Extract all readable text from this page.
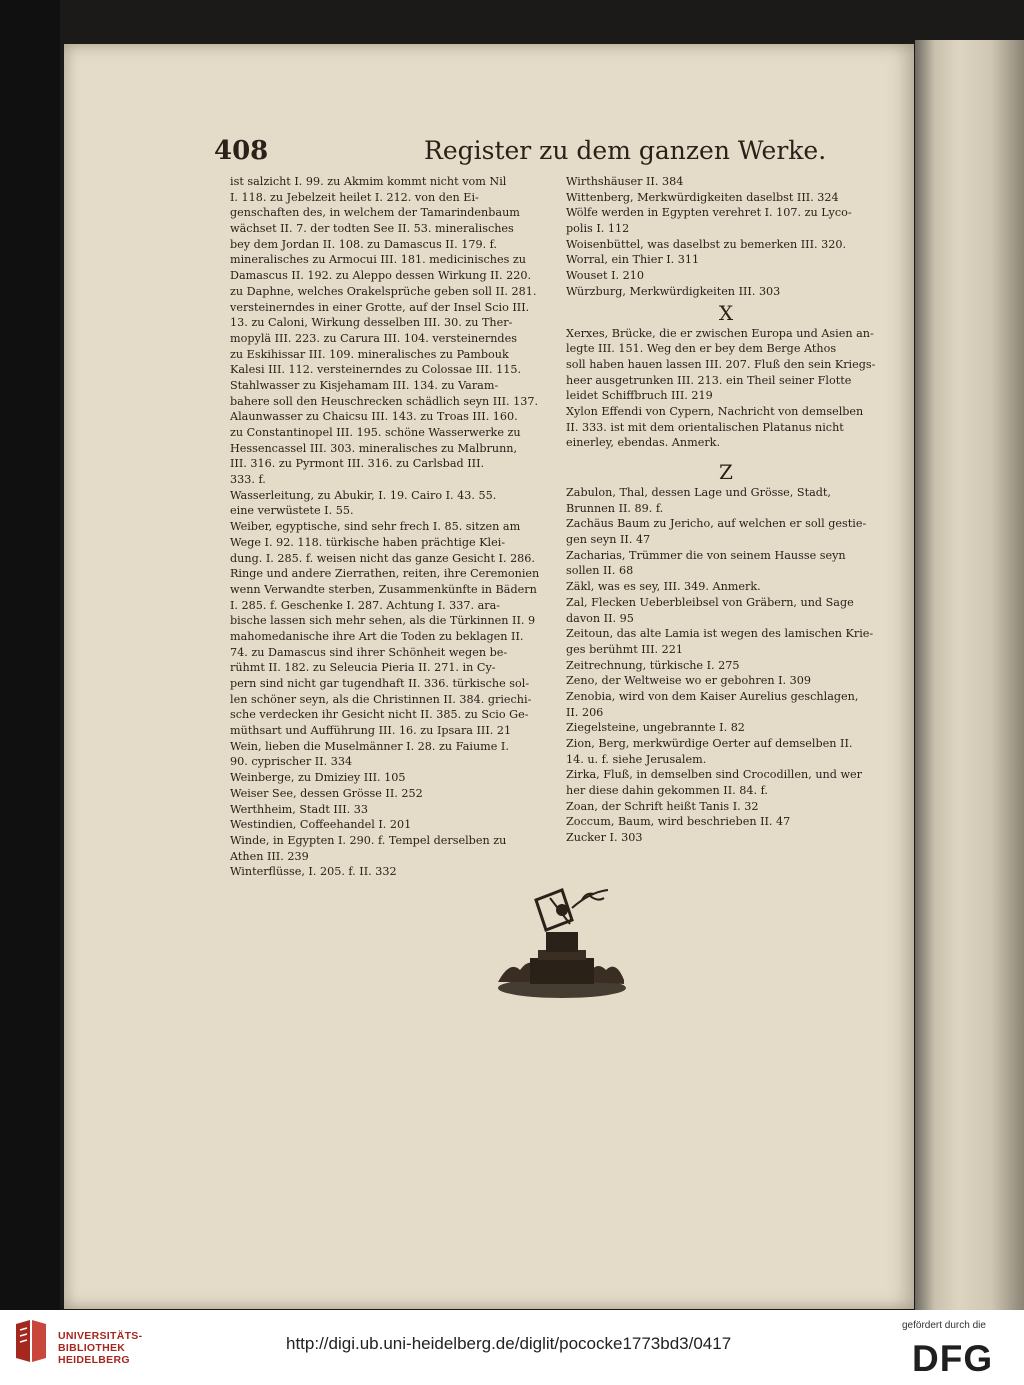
408	Register zu dem ganzen Werke.
ist salzicht I. 99. zu Akmim kommt nicht vom Nil
I. 118. zu Jebelzeit heilet I. 212. von den Ei-
genschaften des, in welchem der Tamarindenbaum
wächset II. 7. der todten See II. 53. mineralisches
bey dem Jordan II. 108. zu Damascus II. 179. f.
mineralisches zu Armocui III. 181. medicinisches zu
Damascus II. 192. zu Aleppo dessen Wirkung II. 220.
zu Daphne, welches Orakelsprüche geben soll II. 281.
versteinerndes in einer Grotte, auf der Insel Scio III.
13. zu Caloni, Wirkung desselben III. 30. zu Ther-
mopylä III. 223. zu Carura III. 104. versteinerndes
zu Eskihissar III. 109. mineralisches zu Pambouk
Kalesi III. 112. versteinerndes zu Colossae III. 115.
Stahlwasser zu Kisjehamam III. 134. zu Varam-
bahere soll den Heuschrecken schädlich seyn III. 137.
Alaunwasser zu Chaicsu III. 143. zu Troas III. 160.
zu Constantinopel III. 195. schöne Wasserwerke zu
Hessencassel III. 303. mineralisches zu Malbrunn,
III. 316. zu Pyrmont III. 316. zu Carlsbad III.
333. f.
Wasserleitung, zu Abukir, I. 19. Cairo I. 43. 55.
eine verwüstete I. 55.
Weiber, egyptische, sind sehr frech I. 85. sitzen am
Wege I. 92. 118. türkische haben prächtige Klei-
dung. I. 285. f. weisen nicht das ganze Gesicht I. 286.
Ringe und andere Zierrathen, reiten, ihre Ceremonien
wenn Verwandte sterben, Zusammenkünfte in Bädern
I. 285. f. Geschenke I. 287. Achtung I. 337. ara-
bische lassen sich mehr sehen, als die Türkinnen II. 9
mahomedanische ihre Art die Toden zu beklagen II.
74. zu Damascus sind ihrer Schönheit wegen be-
rühmt II. 182. zu Seleucia Pieria II. 271. in Cy-
pern sind nicht gar tugendhaft II. 336. türkische sol-
len schöner seyn, als die Christinnen II. 384. griechi-
sche verdecken ihr Gesicht nicht II. 385. zu Scio Ge-
müthsart und Aufführung III. 16. zu Ipsara III. 21
Wein, lieben die Muselmänner I. 28. zu Faiume I.
90. cyprischer II. 334
Weinberge, zu Dmiziey III. 105
Weiser See, dessen Grösse II. 252
Werthheim, Stadt III. 33
Westindien, Coffeehandel I. 201
Winde, in Egypten I. 290. f. Tempel derselben zu
Athen III. 239
Winterflüsse, I. 205. f. II. 332
Wirthshäuser II. 384
Wittenberg, Merkwürdigkeiten daselbst III. 324
Wölfe werden in Egypten verehret I. 107. zu Lyco-
polis I. 112
Woisenbüttel, was daselbst zu bemerken III. 320.
Worral, ein Thier I. 311
Wouset I. 210
Würzburg, Merkwürdigkeiten III. 303
X
Xerxes, Brücke, die er zwischen Europa und Asien an-
legte III. 151. Weg den er bey dem Berge Athos
soll haben hauen lassen III. 207. Fluß den sein Kriegs-
heer ausgetrunken III. 213. ein Theil seiner Flotte
leidet Schiffbruch III. 219
Xylon Effendi von Cypern, Nachricht von demselben
II. 333. ist mit dem orientalischen Platanus nicht
einerley, ebendas. Anmerk.
Z
Zabulon, Thal, dessen Lage und Grösse, Stadt,
Brunnen II. 89. f.
Zachäus Baum zu Jericho, auf welchen er soll gestie-
gen seyn II. 47
Zacharias, Trümmer die von seinem Hausse seyn
sollen II. 68
Zäkl, was es sey, III. 349. Anmerk.
Zal, Flecken Ueberbleibsel von Gräbern, und Sage
davon II. 95
Zeitoun, das alte Lamia ist wegen des lamischen Krie-
ges berühmt III. 221
Zeitrechnung, türkische I. 275
Zeno, der Weltweise wo er gebohren I. 309
Zenobia, wird von dem Kaiser Aurelius geschlagen,
II. 206
Ziegelsteine, ungebrannte I. 82
Zion, Berg, merkwürdige Oerter auf demselben II.
14. u. f. siehe Jerusalem.
Zirka, Fluß, in demselben sind Crocodillen, und wer
her diese dahin gekommen II. 84. f.
Zoan, der Schrift heißt Tanis I. 32
Zoccum, Baum, wird beschrieben II. 47
Zucker I. 303
UNIVERSITÄTS-
BIBLIOTHEK
HEIDELBERG
http://digi.ub.uni-heidelberg.de/diglit/pococke1773bd3/0417
gefördert durch die
DFG
